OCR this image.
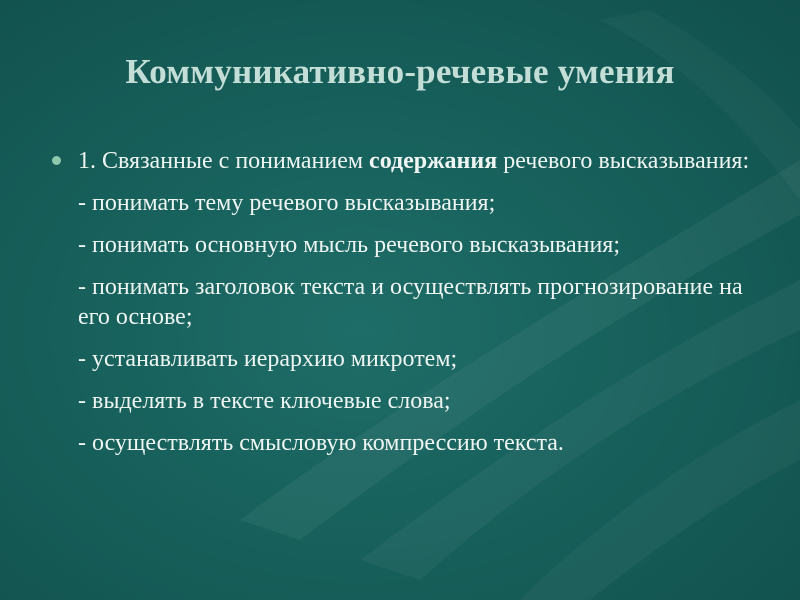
Коммуникативно-речевые умения
1. Связанные с пониманием содержания речевого высказывания:
- понимать тему речевого высказывания;
- понимать основную мысль речевого высказывания;
- понимать заголовок текста и осуществлять прогнозирование на его основе;
- устанавливать иерархию микротем;
- выделять в тексте ключевые слова;
- осуществлять смысловую компрессию текста.
